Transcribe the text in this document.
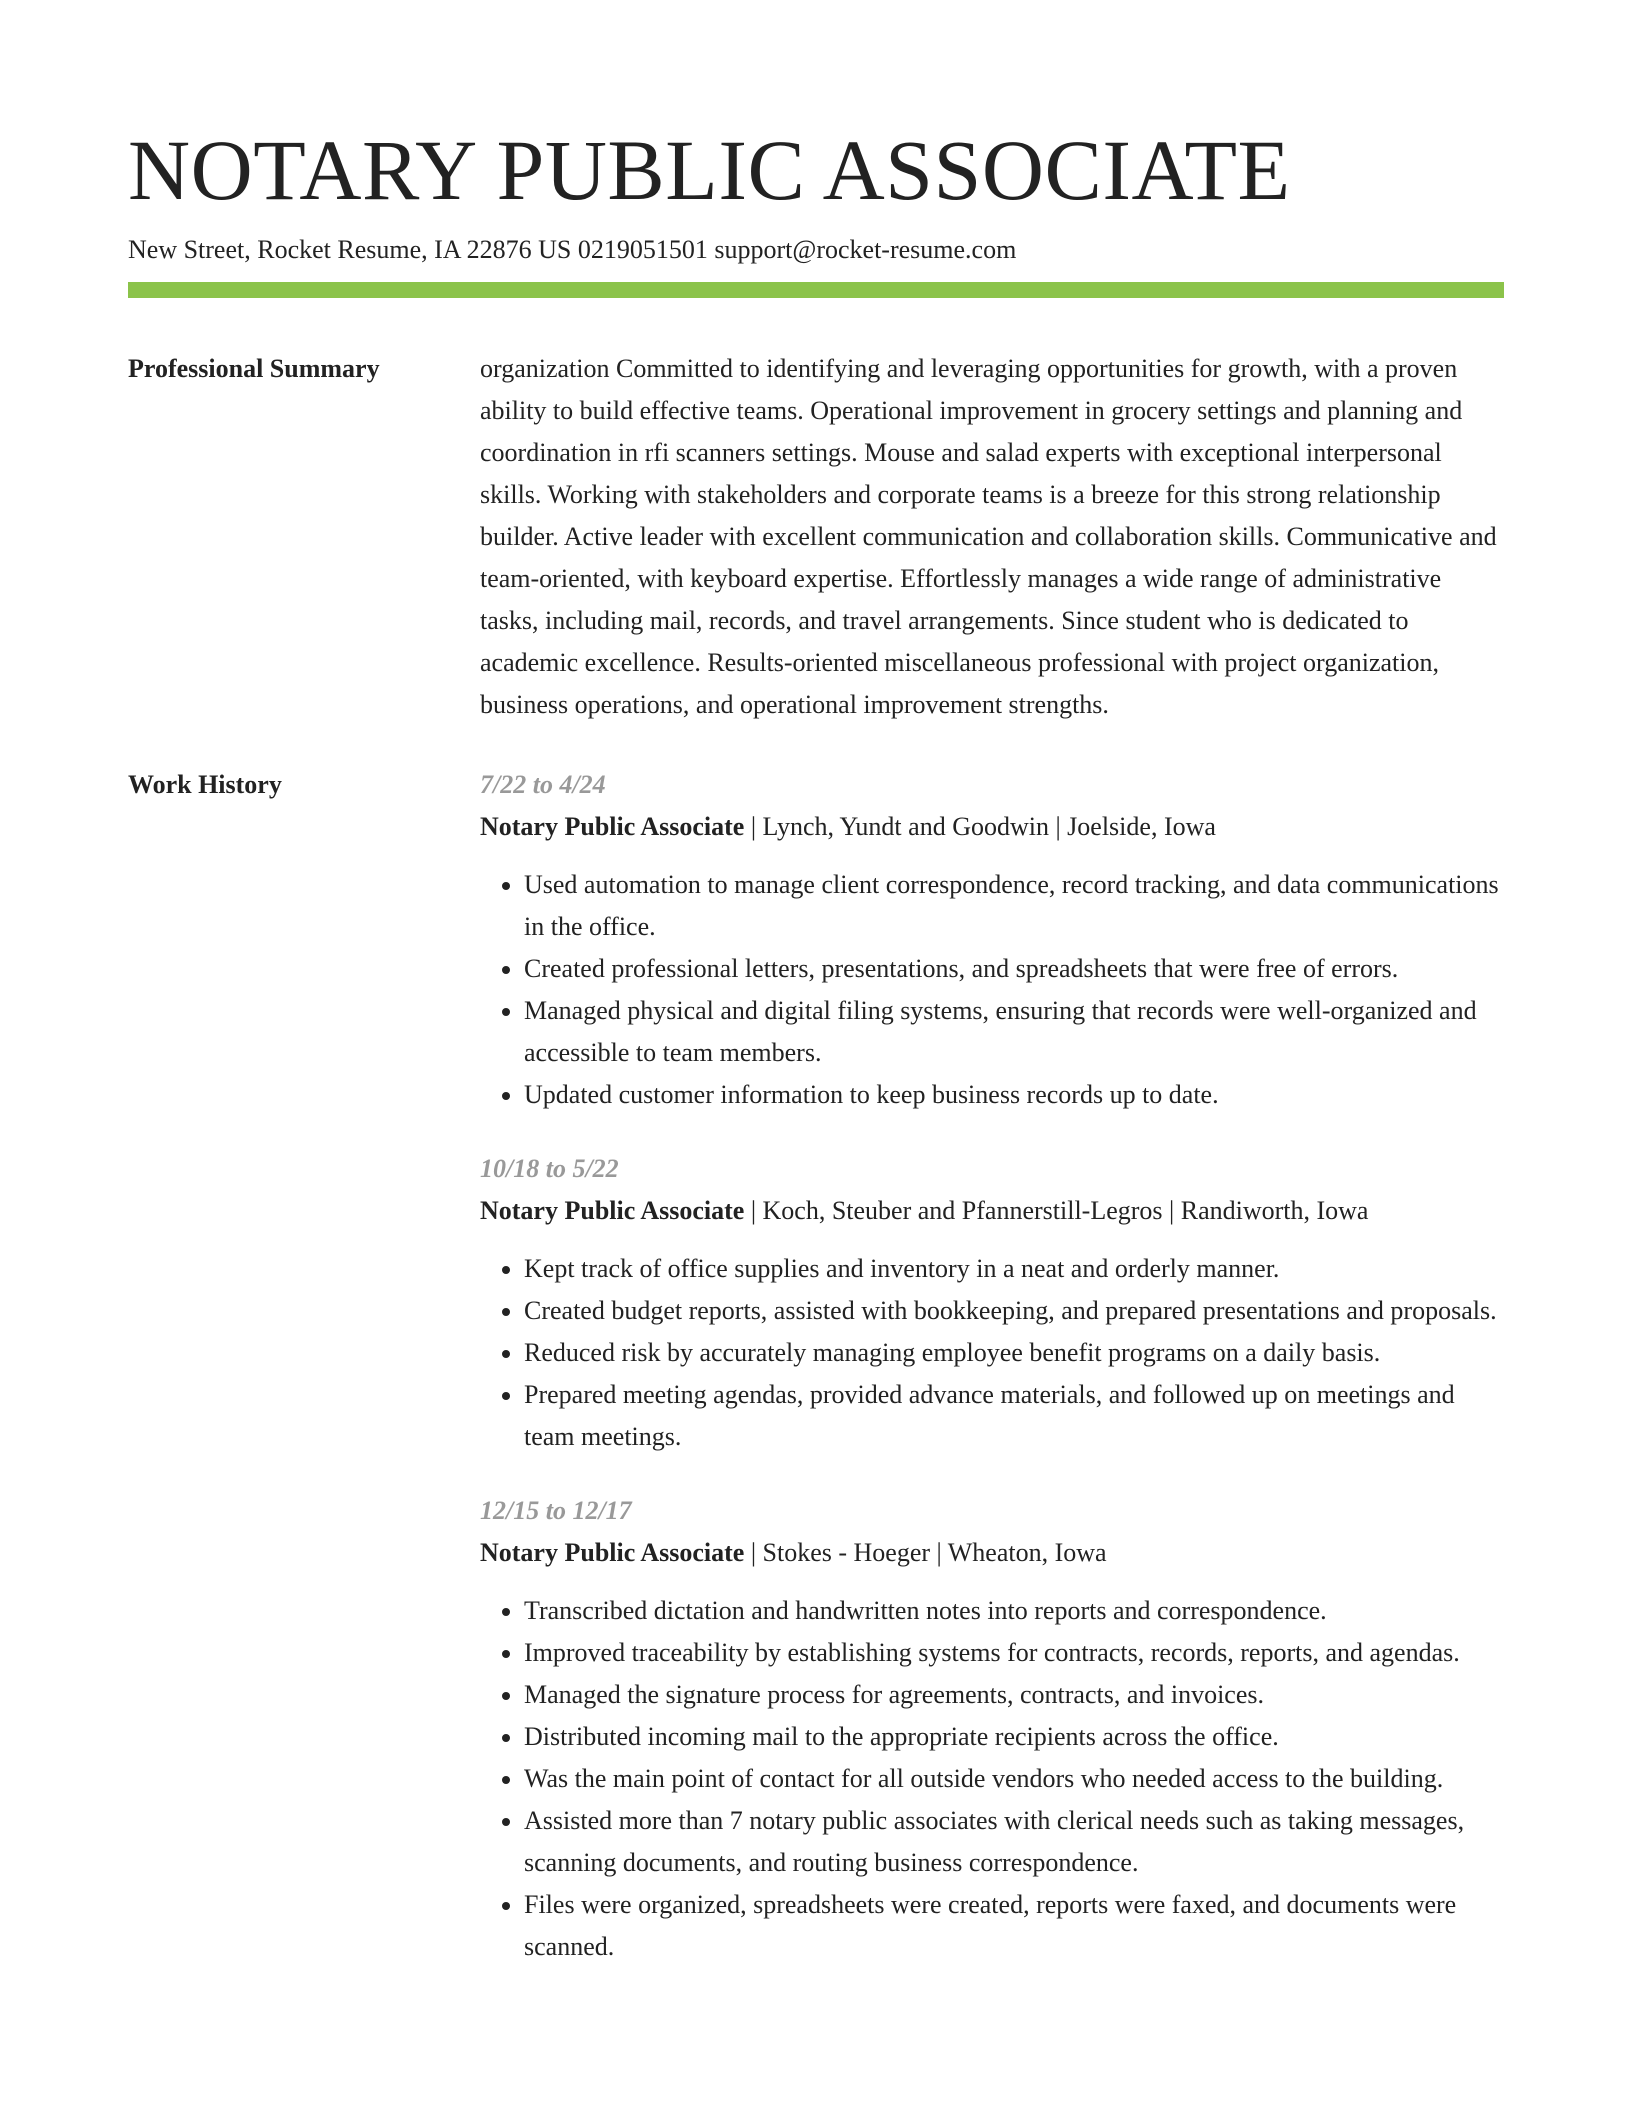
NOTARY PUBLIC ASSOCIATE
New Street, Rocket Resume, IA 22876 US 0219051501 support@rocket-resume.com
Professional Summary	organization Committed to identifying and leveraging opportunities for growth, with a proven ability to build effective teams. Operational improvement in grocery settings and planning and coordination in rfi scanners settings. Mouse and salad experts with exceptional interpersonal skills. Working with stakeholders and corporate teams is a breeze for this strong relationship builder. Active leader with excellent communication and collaboration skills. Communicative and team-oriented, with keyboard expertise. Effortlessly manages a wide range of administrative tasks, including mail, records, and travel arrangements. Since student who is dedicated to academic excellence. Results-oriented miscellaneous professional with project organization, business operations, and operational improvement strengths.

Work History	7/22 to 4/24
Notary Public Associate | Lynch, Yundt and Goodwin | Joelside, Iowa
• Used automation to manage client correspondence, record tracking, and data communications in the office.
• Created professional letters, presentations, and spreadsheets that were free of errors.
• Managed physical and digital filing systems, ensuring that records were well-organized and accessible to team members.
• Updated customer information to keep business records up to date.
10/18 to 5/22
Notary Public Associate | Koch, Steuber and Pfannerstill-Legros | Randiworth, Iowa
• Kept track of office supplies and inventory in a neat and orderly manner.
• Created budget reports, assisted with bookkeeping, and prepared presentations and proposals.
• Reduced risk by accurately managing employee benefit programs on a daily basis.
• Prepared meeting agendas, provided advance materials, and followed up on meetings and team meetings.
12/15 to 12/17
Notary Public Associate | Stokes - Hoeger | Wheaton, Iowa
• Transcribed dictation and handwritten notes into reports and correspondence.
• Improved traceability by establishing systems for contracts, records, reports, and agendas.
• Managed the signature process for agreements, contracts, and invoices.
• Distributed incoming mail to the appropriate recipients across the office.
• Was the main point of contact for all outside vendors who needed access to the building.
• Assisted more than 7 notary public associates with clerical needs such as taking messages, scanning documents, and routing business correspondence.
• Files were organized, spreadsheets were created, reports were faxed, and documents were scanned.
